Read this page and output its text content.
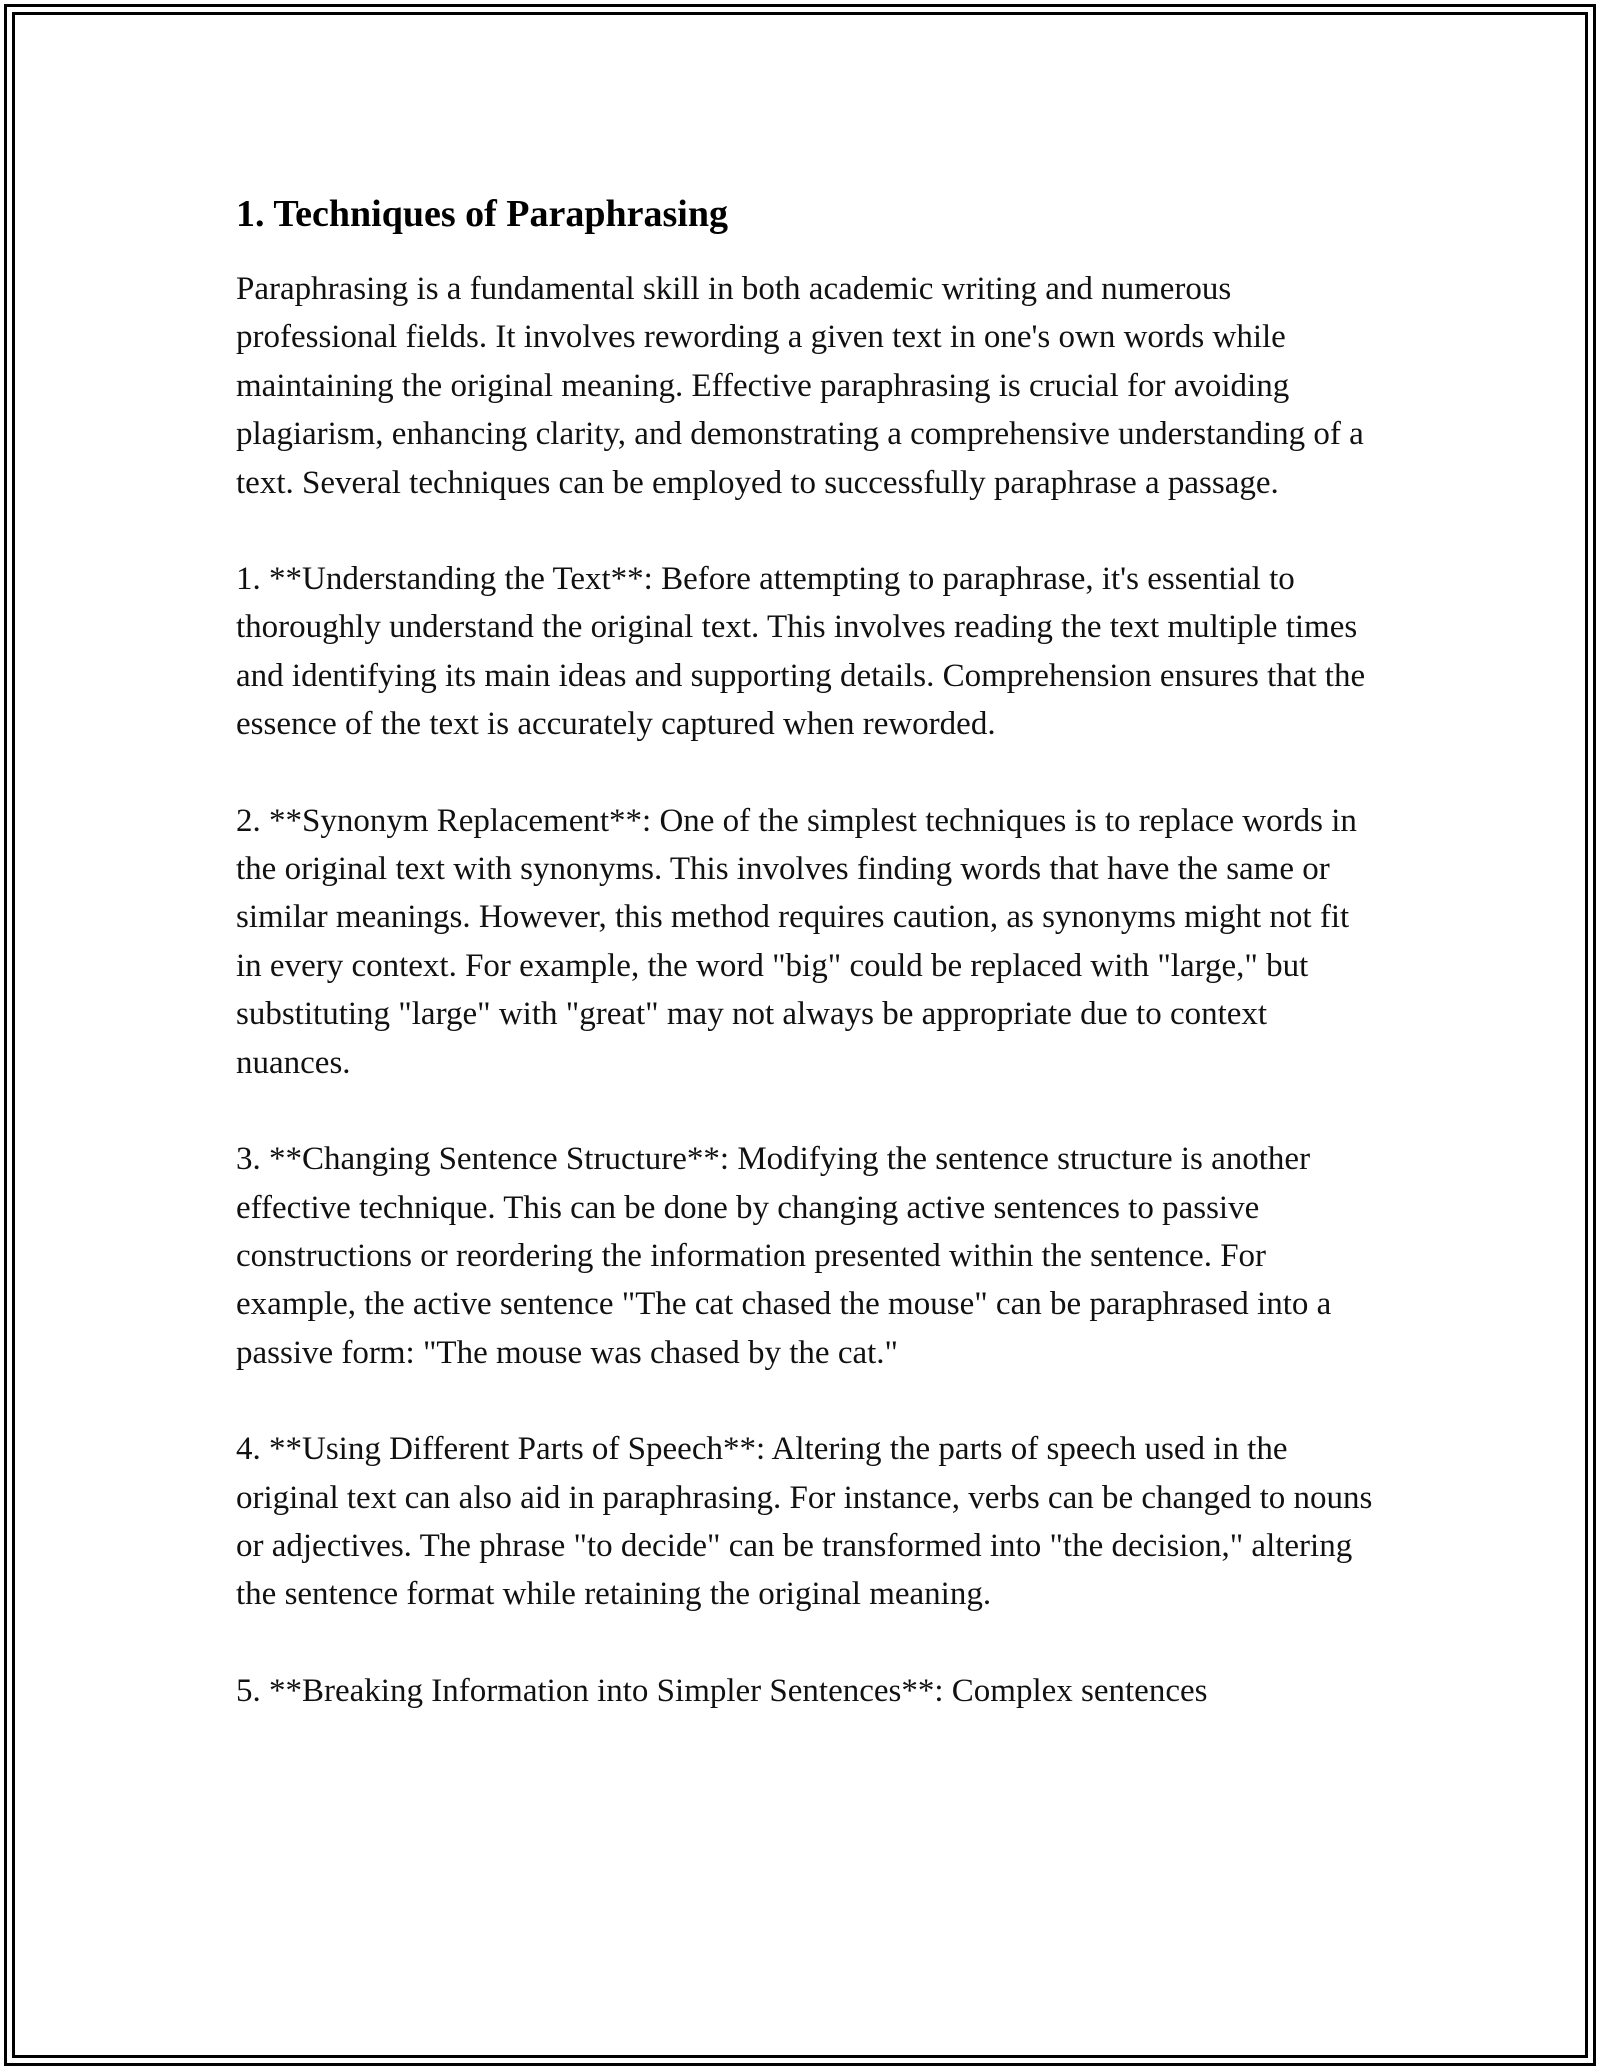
1. Techniques of Paraphrasing

Paraphrasing is a fundamental skill in both academic writing and numerous professional fields. It involves rewording a given text in one's own words while maintaining the original meaning. Effective paraphrasing is crucial for avoiding plagiarism, enhancing clarity, and demonstrating a comprehensive understanding of a text. Several techniques can be employed to successfully paraphrase a passage.

1. **Understanding the Text**: Before attempting to paraphrase, it's essential to thoroughly understand the original text. This involves reading the text multiple times and identifying its main ideas and supporting details. Comprehension ensures that the essence of the text is accurately captured when reworded.

2. **Synonym Replacement**: One of the simplest techniques is to replace words in the original text with synonyms. This involves finding words that have the same or similar meanings. However, this method requires caution, as synonyms might not fit in every context. For example, the word "big" could be replaced with "large," but substituting "large" with "great" may not always be appropriate due to context nuances.

3. **Changing Sentence Structure**: Modifying the sentence structure is another effective technique. This can be done by changing active sentences to passive constructions or reordering the information presented within the sentence. For example, the active sentence "The cat chased the mouse" can be paraphrased into a passive form: "The mouse was chased by the cat."

4. **Using Different Parts of Speech**: Altering the parts of speech used in the original text can also aid in paraphrasing. For instance, verbs can be changed to nouns or adjectives. The phrase "to decide" can be transformed into "the decision," altering the sentence format while retaining the original meaning.

5. **Breaking Information into Simpler Sentences**: Complex sentences
